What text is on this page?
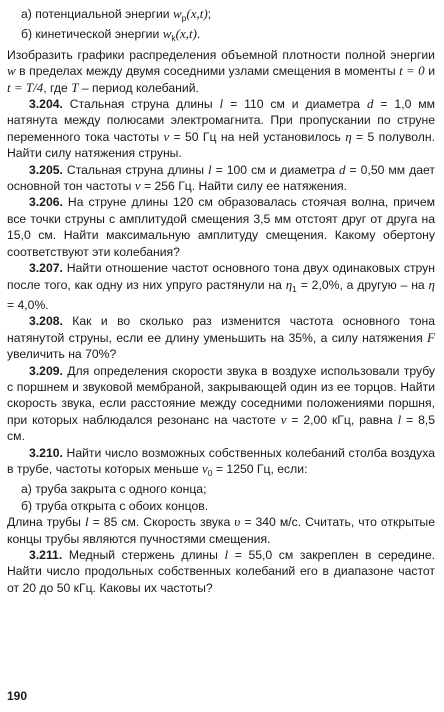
а) потенциальной энергии $w_p(x,t)$;

б) кинетической энергии $w_k(x,t)$.

Изобразить графики распределения объемной плотности полной энергии w в пределах между двумя соседними узлами смещения в моменты t = 0 и t = T/4, где T – период колебаний.

3.204. Стальная струна длины l = 110 см и диаметра d = 1,0 мм натянута между полюсами электромагнита. При пропускании по струне переменного тока частоты ν = 50 Гц на ней установилось η = 5 полуволн. Найти силу натяжения струны.

3.205. Стальная струна длины l = 100 см и диаметра d = 0,50 мм дает основной тон частоты ν = 256 Гц. Найти силу ее натяжения.

3.206. На струне длины 120 см образовалась стоячая волна, причем все точки струны с амплитудой смещения 3,5 мм отстоят друг от друга на 15,0 см. Найти максимальную амплитуду смещения. Какому обертону соответствуют эти колебания?

3.207. Найти отношение частот основного тона двух одинаковых струн после того, как одну из них упруго растянули на $\eta_1 = 2,0\%$, а другую – на η = 4,0%.

3.208. Как и во сколько раз изменится частота основного тона натянутой струны, если ее длину уменьшить на 35%, а силу натяжения F увеличить на 70%?

3.209. Для определения скорости звука в воздухе использовали трубу с поршнем и звуковой мембраной, закрывающей один из ее торцов. Найти скорость звука, если расстояние между соседними положениями поршня, при которых наблюдался резонанс на частоте ν = 2,00 кГц, равна l = 8,5 см.

3.210. Найти число возможных собственных колебаний столба воздуха в трубе, частоты которых меньше $\nu_0 = 1250$ Гц, если:

а) труба закрыта с одного конца;

б) труба открыта с обоих концов.

Длина трубы l = 85 см. Скорость звука υ = 340 м/с. Считать, что открытые концы трубы являются пучностями смещения.

3.211. Медный стержень длины l = 55,0 см закреплен в середине. Найти число продольных собственных колебаний его в диапазоне частот от 20 до 50 кГц. Каковы их частоты?

190
